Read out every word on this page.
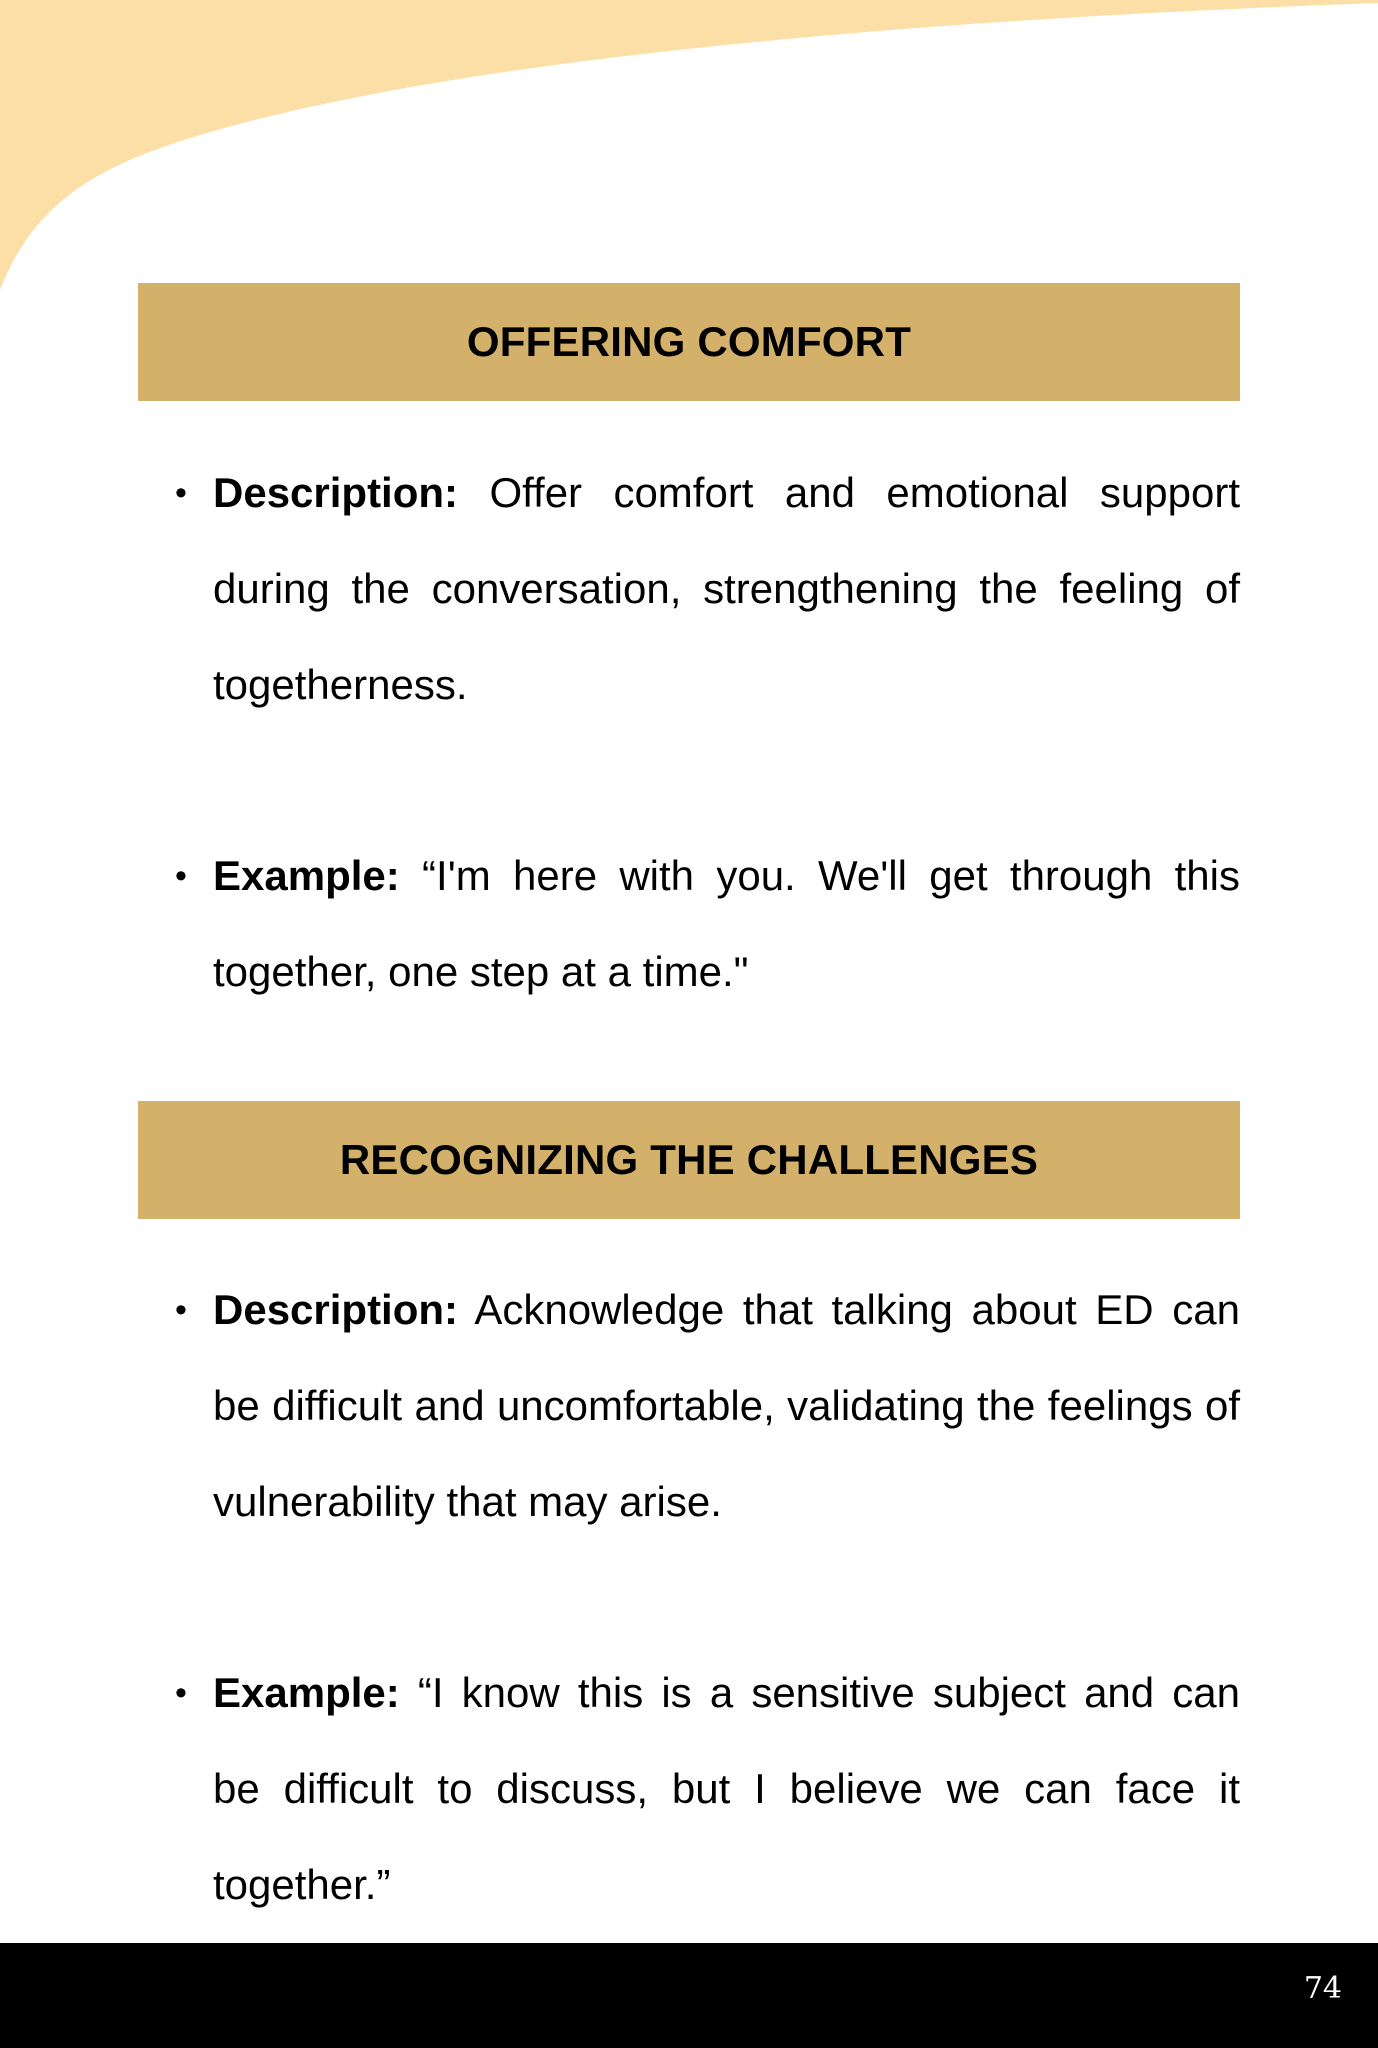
OFFERING COMFORT
• Description: Offer comfort and emotional support during the conversation, strengthening the feeling of togetherness.
• Example: “I'm here with you. We'll get through this together, one step at a time."
RECOGNIZING THE CHALLENGES
• Description: Acknowledge that talking about ED can be difficult and uncomfortable, validating the feelings of vulnerability that may arise.
• Example: “I know this is a sensitive subject and can be difficult to discuss, but I believe we can face it together.”
74
